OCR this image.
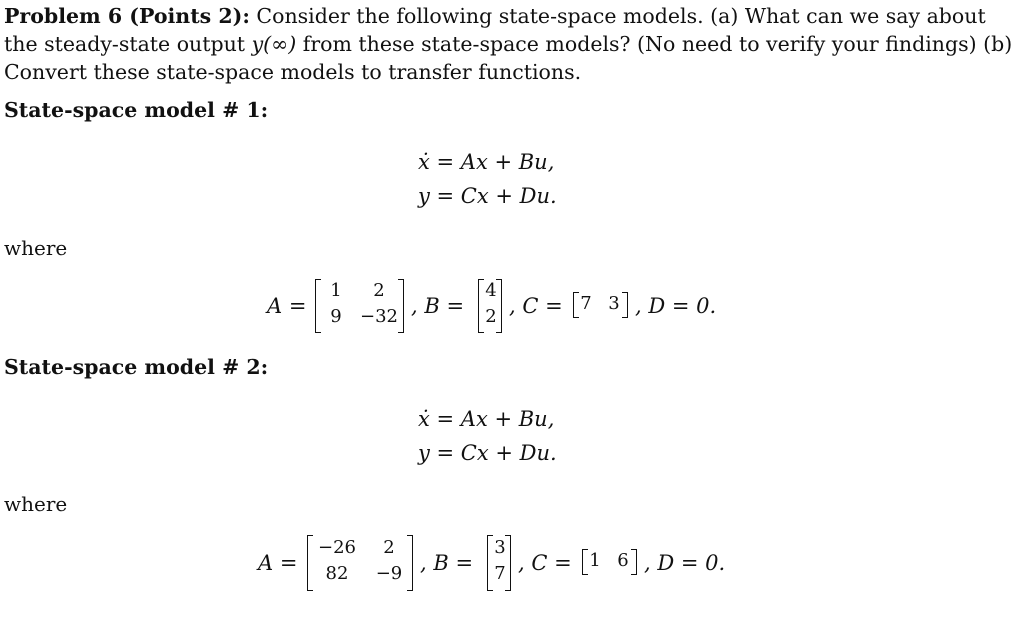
Problem 6 (Points 2): Consider the following state-space models. (a) What can we say about
the steady-state output y(∞) from these state-space models? (No need to verify your findings) (b)
Convert these state-space models to transfer functions.
State-space model # 1:
ẋ = Ax + Bu,
y = Cx + Du.
where
A =
1	2
9	−32 , B =
4
2 , C = 7 3 , D = 0.
State-space model # 2:
ẋ = Ax + Bu,
y = Cx + Du.
where
A =
−26	2
82	−9 , B =
3
7 , C = 1 6 , D = 0.
